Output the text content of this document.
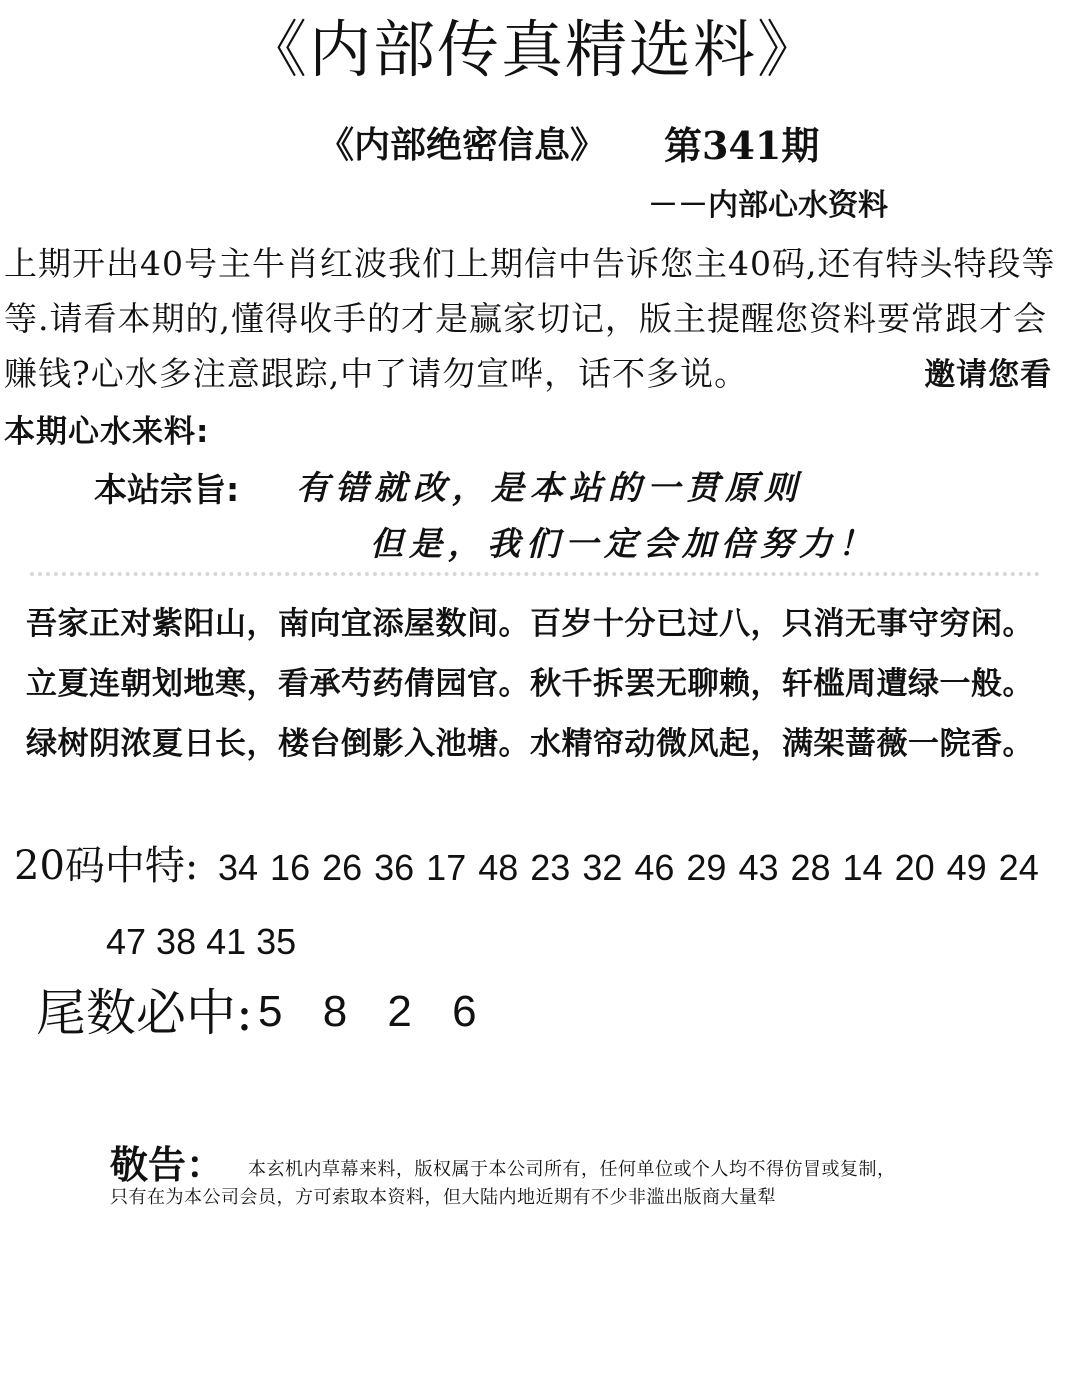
《内部传真精选料》
《内部绝密信息》 第341期
－－内部心水资料
上期开出40号主牛肖红波我们上期信中告诉您主40码,还有特头特段等等.请看本期的,懂得收手的才是赢家切记，版主提醒您资料要常跟才会赚钱?心水多注意跟踪,中了请勿宣哗，话不多说。	邀请您看本期心水来料:
本站宗旨: 有错就改，是本站的一贯原则
但是，我们一定会加倍努力！
吾家正对紫阳山，南向宜添屋数间。百岁十分已过八，只消无事守穷闲。
立夏连朝划地寒，看承芍药倩园官。秋千拆罢无聊赖，轩槛周遭绿一般。
绿树阴浓夏日长，楼台倒影入池塘。水精帘动微风起，满架蔷薇一院香。
20码中特: 34 16 26 36 17 48 23 32 46 29 43 28 14 20 49 24
47 38 41 35
尾数必中: 5 8 2 6
敬告： 本玄机内草幕来料，版权属于本公司所有，任何单位或个人均不得仿冒或复制，
只有在为本公司会员，方可索取本资料，但大陆内地近期有不少非滥出版商大量犁
